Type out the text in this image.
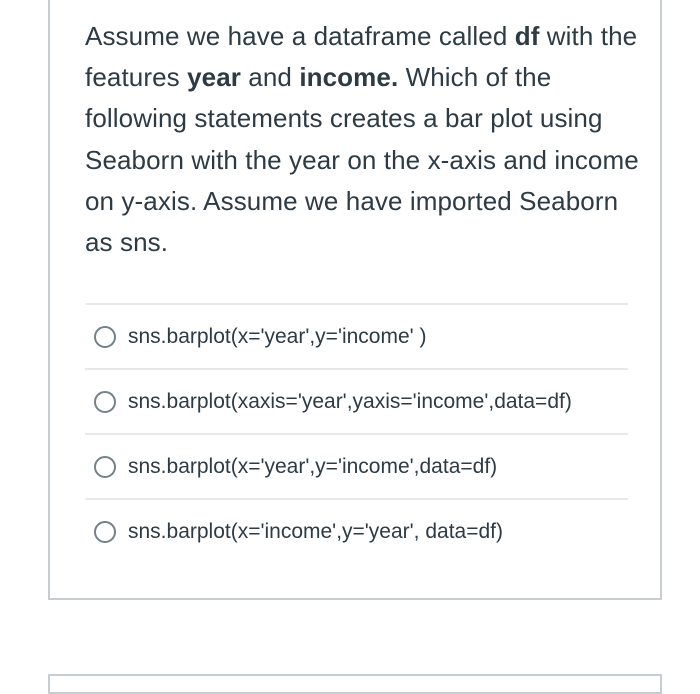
Assume we have a dataframe called df with the features year and income. Which of the following statements creates a bar plot using Seaborn with the year on the x-axis and income on y-axis. Assume we have imported Seaborn as sns.
sns.barplot(x='year',y='income' )
sns.barplot(xaxis='year',yaxis='income',data=df)
sns.barplot(x='year',y='income',data=df)
sns.barplot(x='income',y='year', data=df)
